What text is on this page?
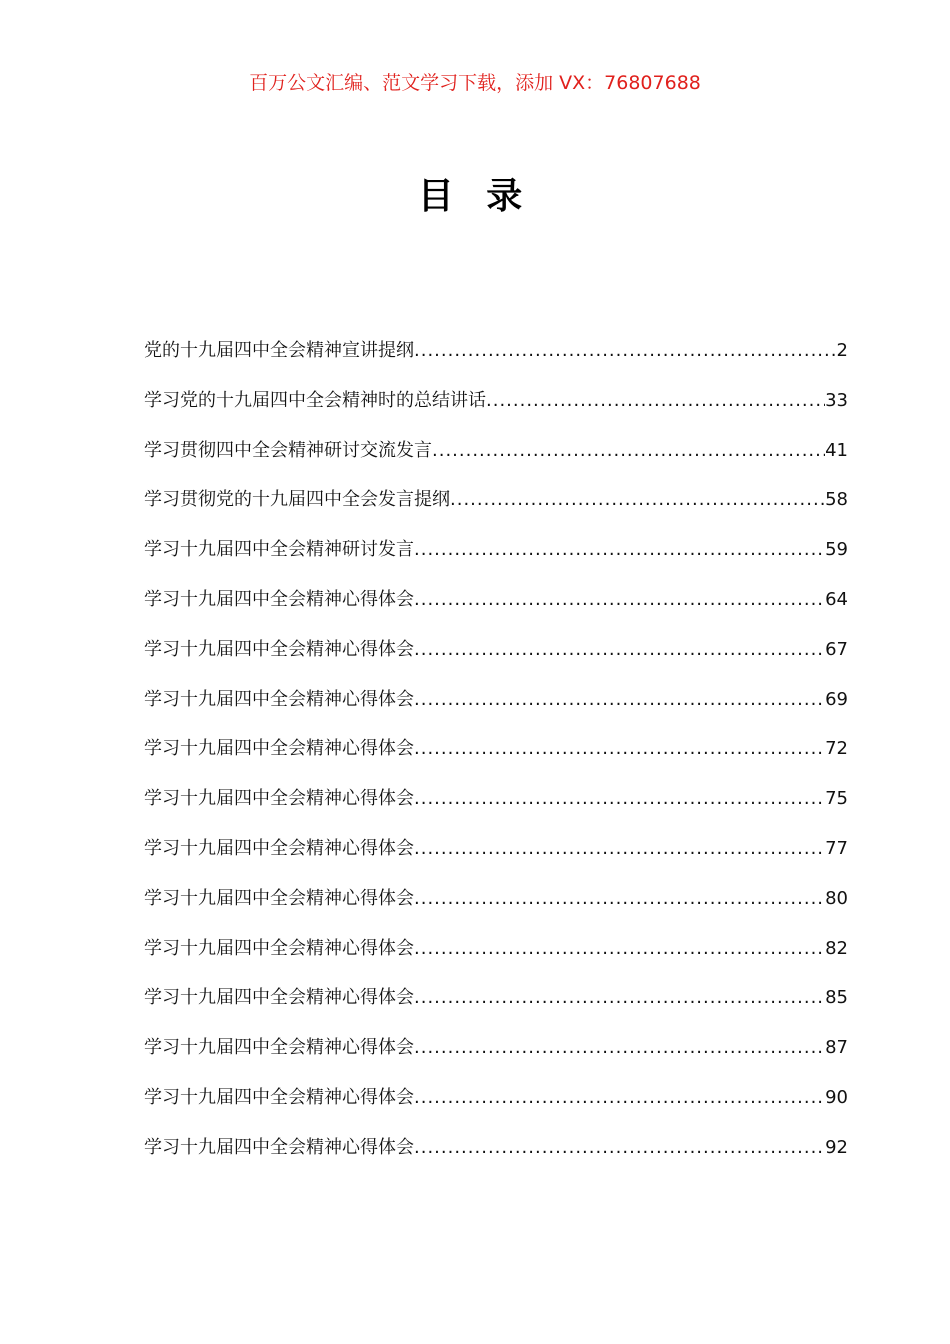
百万公文汇编、范文学习下载，添加 VX：76807688
目 录
党的十九届四中全会精神宣讲提纲 .....	2
学习党的十九届四中全会精神时的总结讲话 .....	33
学习贯彻四中全会精神研讨交流发言 .....	41
学习贯彻党的十九届四中全会发言提纲 .....	58
学习十九届四中全会精神研讨发言 .....	59
学习十九届四中全会精神心得体会 .....	64
学习十九届四中全会精神心得体会 .....	67
学习十九届四中全会精神心得体会 .....	69
学习十九届四中全会精神心得体会 .....	72
学习十九届四中全会精神心得体会 .....	75
学习十九届四中全会精神心得体会 .....	77
学习十九届四中全会精神心得体会 .....	80
学习十九届四中全会精神心得体会 .....	82
学习十九届四中全会精神心得体会 .....	85
学习十九届四中全会精神心得体会 .....	87
学习十九届四中全会精神心得体会 .....	90
学习十九届四中全会精神心得体会 .....	92
